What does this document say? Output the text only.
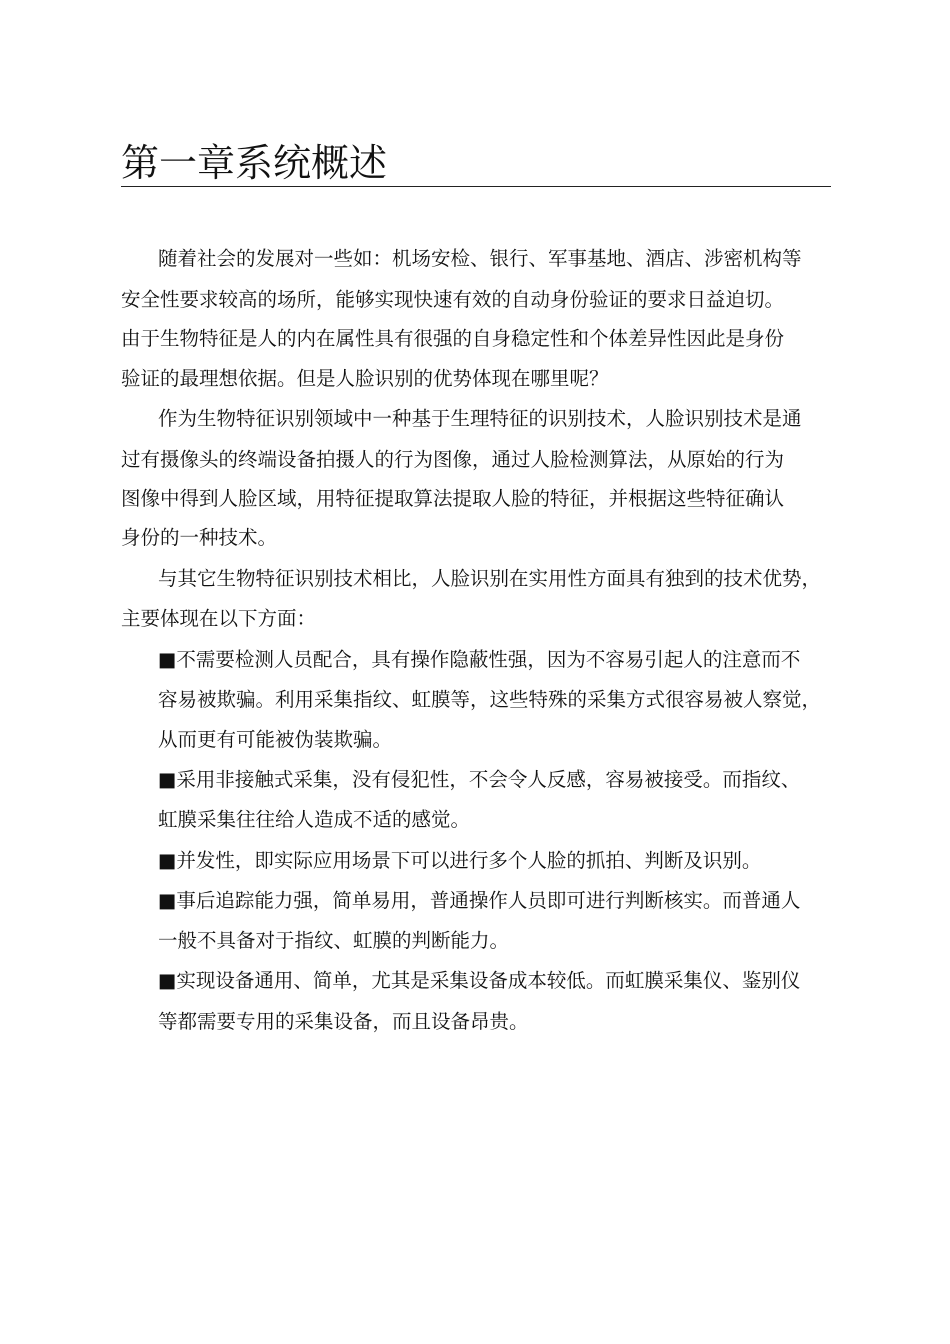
第一章系统概述

随着社会的发展对一些如：机场安检、银行、军事基地、酒店、涉密机构等

安全性要求较高的场所，能够实现快速有效的自动身份验证的要求日益迫切。

由于生物特征是人的内在属性具有很强的自身稳定性和个体差异性因此是身份

验证的最理想依据。但是人脸识别的优势体现在哪里呢？

作为生物特征识别领域中一种基于生理特征的识别技术，人脸识别技术是通

过有摄像头的终端设备拍摄人的行为图像，通过人脸检测算法，从原始的行为

图像中得到人脸区域，用特征提取算法提取人脸的特征，并根据这些特征确认

身份的一种技术。

与其它生物特征识别技术相比，人脸识别在实用性方面具有独到的技术优势，

主要体现在以下方面：

■不需要检测人员配合，具有操作隐蔽性强，因为不容易引起人的注意而不

容易被欺骗。利用采集指纹、虹膜等，这些特殊的采集方式很容易被人察觉，

从而更有可能被伪装欺骗。

■采用非接触式采集，没有侵犯性，不会令人反感，容易被接受。而指纹、

虹膜采集往往给人造成不适的感觉。

■并发性，即实际应用场景下可以进行多个人脸的抓拍、判断及识别。

■事后追踪能力强，简单易用，普通操作人员即可进行判断核实。而普通人

一般不具备对于指纹、虹膜的判断能力。

■实现设备通用、简单，尤其是采集设备成本较低。而虹膜采集仪、鉴别仪

等都需要专用的采集设备，而且设备昂贵。
